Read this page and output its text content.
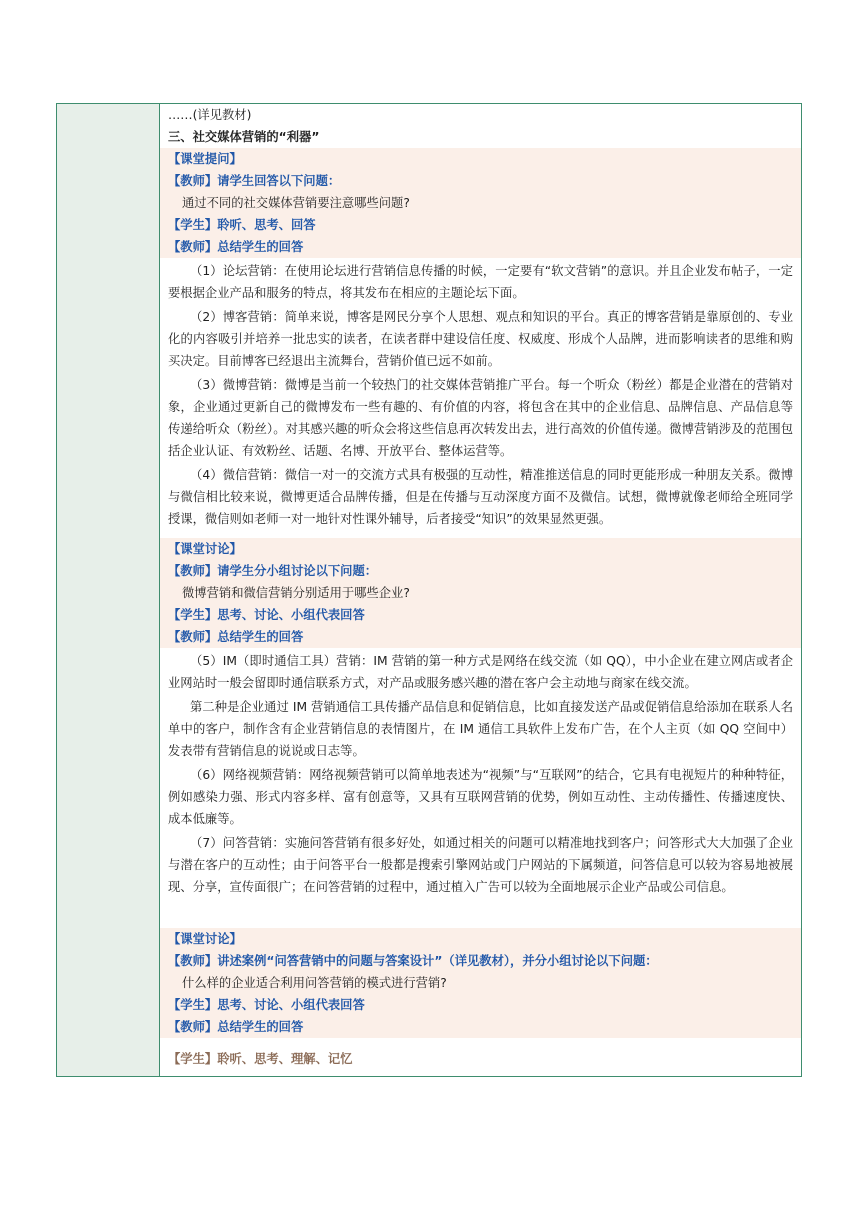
……(详见教材)
三、社交媒体营销的“利器”
【课堂提问】
【教师】请学生回答以下问题：
通过不同的社交媒体营销要注意哪些问题?
【学生】聆听、思考、回答
【教师】总结学生的回答

（1）论坛营销：在使用论坛进行营销信息传播的时候，一定要有“软文营销”的意识。并且企业发布帖子，一定要根据企业产品和服务的特点，将其发布在相应的主题论坛下面。

（2）博客营销：简单来说，博客是网民分享个人思想、观点和知识的平台。真正的博客营销是靠原创的、专业化的内容吸引并培养一批忠实的读者，在读者群中建设信任度、权威度、形成个人品牌，进而影响读者的思维和购买决定。目前博客已经退出主流舞台，营销价值已远不如前。

（3）微博营销：微博是当前一个较热门的社交媒体营销推广平台。每一个听众（粉丝）都是企业潜在的营销对象，企业通过更新自己的微博发布一些有趣的、有价值的内容，将包含在其中的企业信息、品牌信息、产品信息等传递给听众（粉丝）。对其感兴趣的听众会将这些信息再次转发出去，进行高效的价值传递。微博营销涉及的范围包括企业认证、有效粉丝、话题、名博、开放平台、整体运营等。

（4）微信营销：微信一对一的交流方式具有极强的互动性，精准推送信息的同时更能形成一种朋友关系。微博与微信相比较来说，微博更适合品牌传播，但是在传播与互动深度方面不及微信。试想，微博就像老师给全班同学授课，微信则如老师一对一地针对性课外辅导，后者接受“知识”的效果显然更强。

【课堂讨论】
【教师】请学生分小组讨论以下问题：
微博营销和微信营销分别适用于哪些企业?
【学生】思考、讨论、小组代表回答
【教师】总结学生的回答

（5）IM（即时通信工具）营销：IM 营销的第一种方式是网络在线交流（如 QQ），中小企业在建立网店或者企业网站时一般会留即时通信联系方式，对产品或服务感兴趣的潜在客户会主动地与商家在线交流。

第二种是企业通过 IM 营销通信工具传播产品信息和促销信息，比如直接发送产品或促销信息给添加在联系人名单中的客户，制作含有企业营销信息的表情图片，在 IM 通信工具软件上发布广告，在个人主页（如 QQ 空间中）发表带有营销信息的说说或日志等。

（6）网络视频营销：网络视频营销可以简单地表述为“视频”与“互联网”的结合，它具有电视短片的种种特征，例如感染力强、形式内容多样、富有创意等，又具有互联网营销的优势，例如互动性、主动传播性、传播速度快、成本低廉等。

（7）问答营销：实施问答营销有很多好处，如通过相关的问题可以精准地找到客户；问答形式大大加强了企业与潜在客户的互动性；由于问答平台一般都是搜索引擎网站或门户网站的下属频道，问答信息可以较为容易地被展现、分享，宣传面很广；在问答营销的过程中，通过植入广告可以较为全面地展示企业产品或公司信息。

【课堂讨论】
【教师】讲述案例“问答营销中的问题与答案设计”（详见教材），并分小组讨论以下问题：
什么样的企业适合利用问答营销的模式进行营销?
【学生】思考、讨论、小组代表回答
【教师】总结学生的回答
【学生】聆听、思考、理解、记忆
